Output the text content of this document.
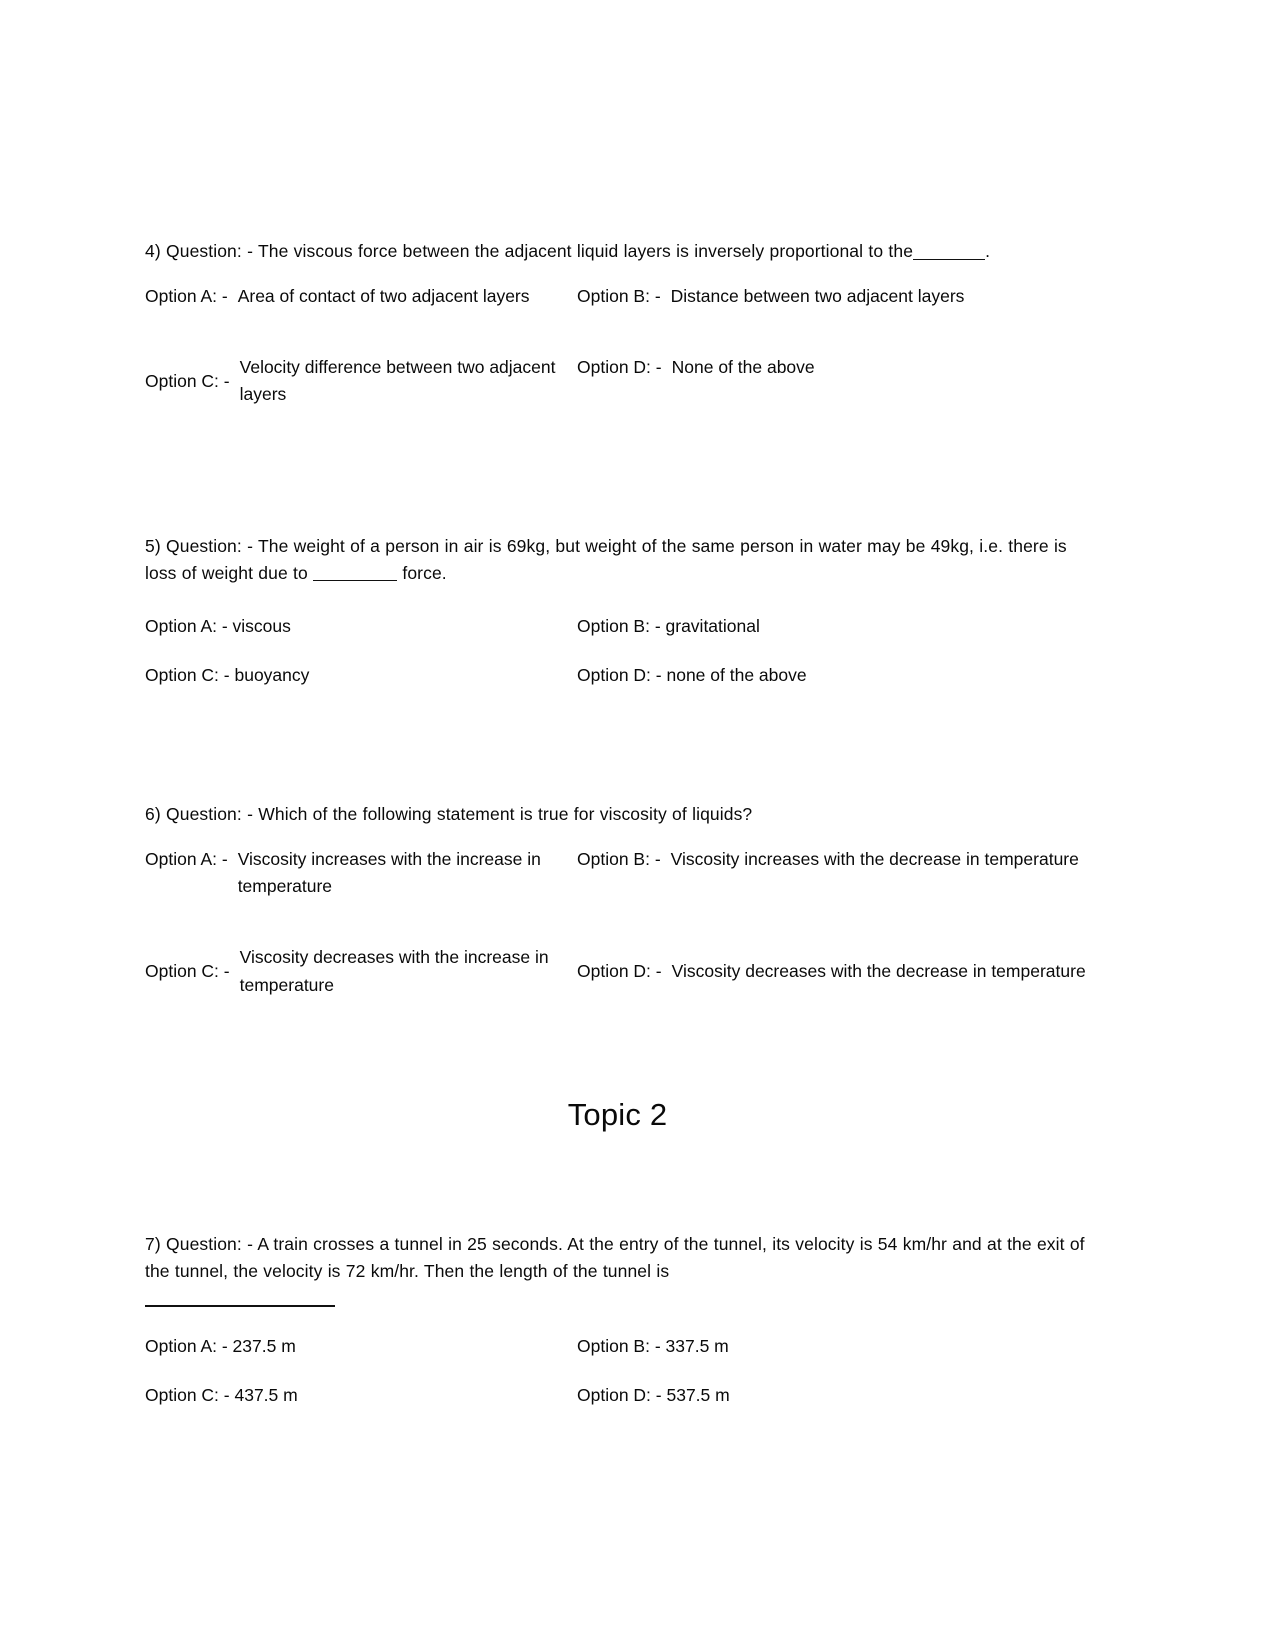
4) Question: - The viscous force between the adjacent liquid layers is inversely proportional to the	.

Option A: - Area of contact of two adjacent layers	Option B: - Distance between two adjacent layers
Option C: -
Velocity difference between two adjacent layers
Option D: - None of the above

5) Question: - The weight of a person in air is 69kg, but weight of the same person in water may be 49kg, i.e. there is loss of weight due to	force.

Option A: - viscous	Option B: - gravitational
Option C: - buoyancy	Option D: - none of the above

6) Question: - Which of the following statement is true for viscosity of liquids?

Option A: - Viscosity increases with the increase in temperature
Option B: - Viscosity increases with the decrease in temperature
Option C: -
Viscosity decreases with the increase in temperature
Option D: - Viscosity decreases with the decrease in temperature
Topic 2

7) Question: - A train crosses a tunnel in 25 seconds. At the entry of the tunnel, its velocity is 54 km/hr and at the exit of the tunnel, the velocity is 72 km/hr. Then the length of the tunnel is

Option A: - 237.5 m	Option B: - 337.5 m
Option C: - 437.5 m	Option D: - 537.5 m
